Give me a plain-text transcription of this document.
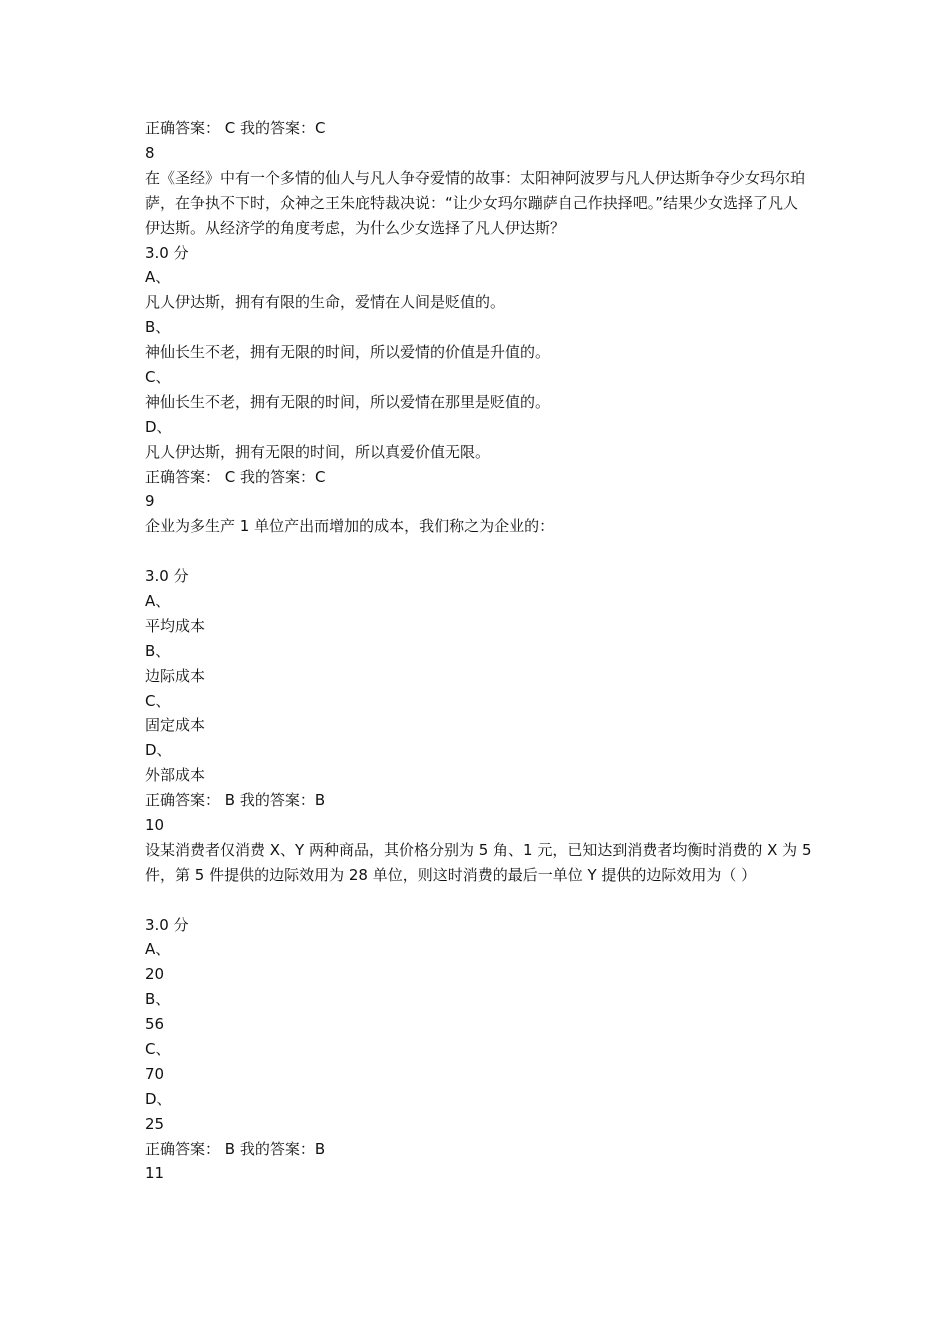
正确答案： C 我的答案：C
8
在《圣经》中有一个多情的仙人与凡人争夺爱情的故事：太阳神阿波罗与凡人伊达斯争夺少女玛尔珀萨，在争执不下时，众神之王朱庇特裁决说：“让少女玛尔蹦萨自己作抉择吧。”结果少女选择了凡人伊达斯。从经济学的角度考虑，为什么少女选择了凡人伊达斯？
3.0 分
A、
凡人伊达斯，拥有有限的生命，爱情在人间是贬值的。
B、
神仙长生不老，拥有无限的时间，所以爱情的价值是升值的。
C、
神仙长生不老，拥有无限的时间，所以爱情在那里是贬值的。
D、
凡人伊达斯，拥有无限的时间，所以真爱价值无限。
正确答案： C 我的答案：C
9
企业为多生产 1 单位产出而增加的成本，我们称之为企业的：
3.0 分
A、
平均成本
B、
边际成本
C、
固定成本
D、
外部成本
正确答案： B 我的答案：B
10
设某消费者仅消费 X、Y 两种商品，其价格分别为 5 角、1 元，已知达到消费者均衡时消费的 X 为 5 件，第 5 件提供的边际效用为 28 单位，则这时消费的最后一单位 Y 提供的边际效用为（ ）
3.0 分
A、
20
B、
56
C、
70
D、
25
正确答案： B 我的答案：B
11
